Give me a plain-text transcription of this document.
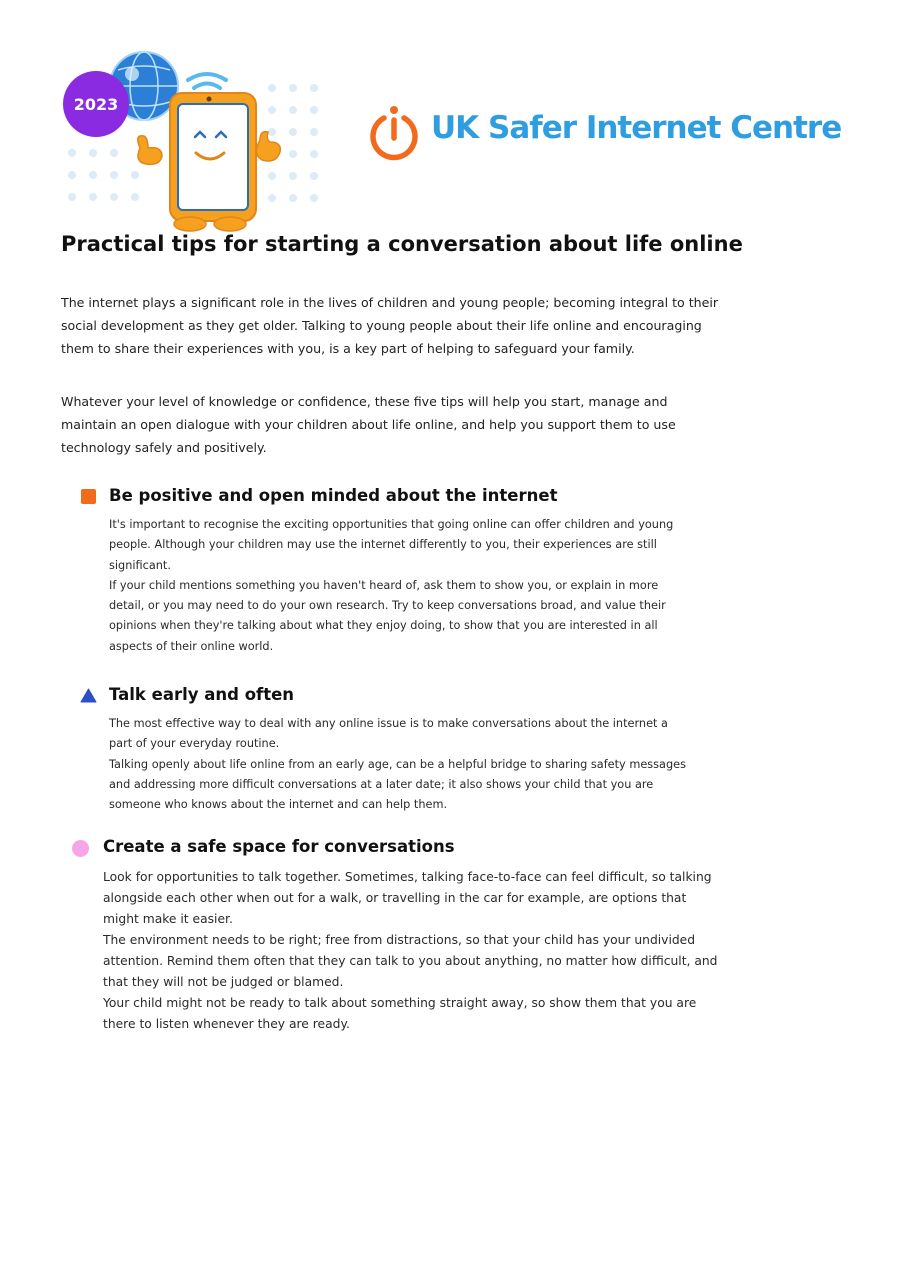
2023
UK Safer Internet Centre
Practical tips for starting a conversation about life online

The internet plays a significant role in the lives of children and young people; becoming integral to their social development as they get older. Talking to young people about their life online and encouraging them to share their experiences with you, is a key part of helping to safeguard your family.

Whatever your level of knowledge or confidence, these five tips will help you start, manage and maintain an open dialogue with your children about life online, and help you support them to use technology safely and positively.

Be positive and open minded about the internet

It's important to recognise the exciting opportunities that going online can offer children and young people. Although your children may use the internet differently to you, their experiences are still significant.

If your child mentions something you haven't heard of, ask them to show you, or explain in more detail, or you may need to do your own research. Try to keep conversations broad, and value their opinions when they're talking about what they enjoy doing, to show that you are interested in all aspects of their online world.

Talk early and often

The most effective way to deal with any online issue is to make conversations about the internet a part of your everyday routine.

Talking openly about life online from an early age, can be a helpful bridge to sharing safety messages and addressing more difficult conversations at a later date; it also shows your child that you are someone who knows about the internet and can help them.

Create a safe space for conversations

Look for opportunities to talk together. Sometimes, talking face-to-face can feel difficult, so talking alongside each other when out for a walk, or travelling in the car for example, are options that might make it easier.

The environment needs to be right; free from distractions, so that your child has your undivided attention. Remind them often that they can talk to you about anything, no matter how difficult, and that they will not be judged or blamed.

Your child might not be ready to talk about something straight away, so show them that you are there to listen whenever they are ready.
